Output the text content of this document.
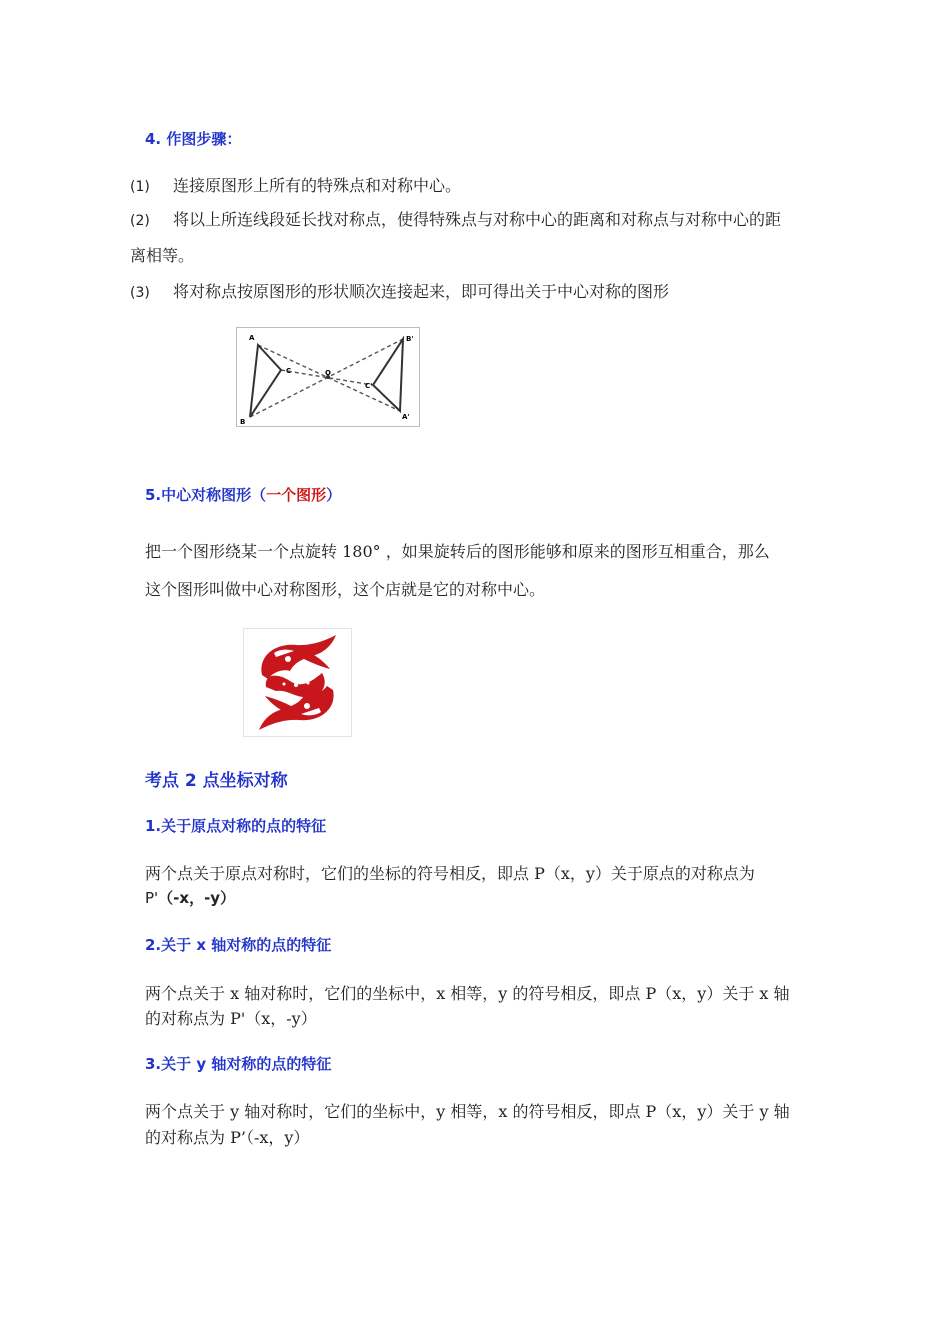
4. 作图步骤：
(1) 连接原图形上所有的特殊点和对称中心。
(2) 将以上所连线段延长找对称点，使得特殊点与对称中心的距离和对称点与对称中心的距
离相等。
(3) 将对称点按原图形的形状顺次连接起来，即可得出关于中心对称的图形
A
B
C	O
A'
B'
C'
5.中心对称图形（一个图形）
把一个图形绕某一个点旋转 180° ，如果旋转后的图形能够和原来的图形互相重合，那么
这个图形叫做中心对称图形，这个店就是它的对称中心。
考点 2 点坐标对称
1.关于原点对称的点的特征
两个点关于原点对称时，它们的坐标的符号相反，即点 P（x，y）关于原点的对称点为
P'（-x，-y）
2.关于 x 轴对称的点的特征
两个点关于 x 轴对称时，它们的坐标中，x 相等，y 的符号相反，即点 P（x，y）关于 x 轴
的对称点为 P'（x，-y）
3.关于 y 轴对称的点的特征
两个点关于 y 轴对称时，它们的坐标中，y 相等，x 的符号相反，即点 P（x，y）关于 y 轴
的对称点为 P’（-x，y）
